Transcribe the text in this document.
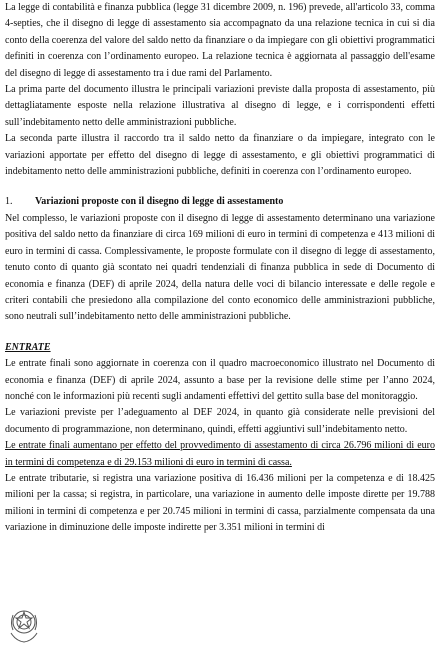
La legge di contabilità e finanza pubblica (legge 31 dicembre 2009, n. 196) prevede, all'articolo 33, comma 4-septies, che il disegno di legge di assestamento sia accompagnato da una relazione tecnica in cui si dia conto della coerenza del valore del saldo netto da finanziare o da impiegare con gli obiettivi programmatici definiti in coerenza con l’ordinamento europeo. La relazione tecnica è aggiornata al passaggio dell'esame del disegno di legge di assestamento tra i due rami del Parlamento.

La prima parte del documento illustra le principali variazioni previste dalla proposta di assestamento, più dettagliatamente esposte nella relazione illustrativa al disegno di legge, e i corrispondenti effetti sull’indebitamento netto delle amministrazioni pubbliche.

La seconda parte illustra il raccordo tra il saldo netto da finanziare o da impiegare, integrato con le variazioni apportate per effetto del disegno di legge di assestamento, e gli obiettivi programmatici di indebitamento netto delle amministrazioni pubbliche, definiti in coerenza con l’ordinamento europeo.

1.	Variazioni proposte con il disegno di legge di assestamento

Nel complesso, le variazioni proposte con il disegno di legge di assestamento determinano una variazione positiva del saldo netto da finanziare di circa 169 milioni di euro in termini di competenza e 413 milioni di euro in termini di cassa. Complessivamente, le proposte formulate con il disegno di legge di assestamento, tenuto conto di quanto già scontato nei quadri tendenziali di finanza pubblica in sede di Documento di economia e finanza (DEF) di aprile 2024, della natura delle voci di bilancio interessate e delle regole e criteri contabili che presiedono alla compilazione del conto economico delle amministrazioni pubbliche, sono neutrali sull’indebitamento netto delle amministrazioni pubbliche.

ENTRATE

Le entrate finali sono aggiornate in coerenza con il quadro macroeconomico illustrato nel Documento di economia e finanza (DEF) di aprile 2024, assunto a base per la revisione delle stime per l’anno 2024, nonché con le informazioni più recenti sugli andamenti effettivi del gettito sulla base del monitoraggio.

Le variazioni previste per l’adeguamento al DEF 2024, in quanto già considerate nelle previsioni del documento di programmazione, non determinano, quindi, effetti aggiuntivi sull’indebitamento netto.

Le entrate finali aumentano per effetto del provvedimento di assestamento di circa 26.796 milioni di euro in termini di competenza e di 29.153 milioni di euro in termini di cassa.

Le entrate tributarie, si registra una variazione positiva di 16.436 milioni per la competenza e di 18.425 milioni per la cassa; si registra, in particolare, una variazione in aumento delle imposte dirette per 19.788 milioni in termini di competenza e per 20.745 milioni in termini di cassa, parzialmente compensata da una variazione in diminuzione delle imposte indirette per 3.351 milioni in termini di
